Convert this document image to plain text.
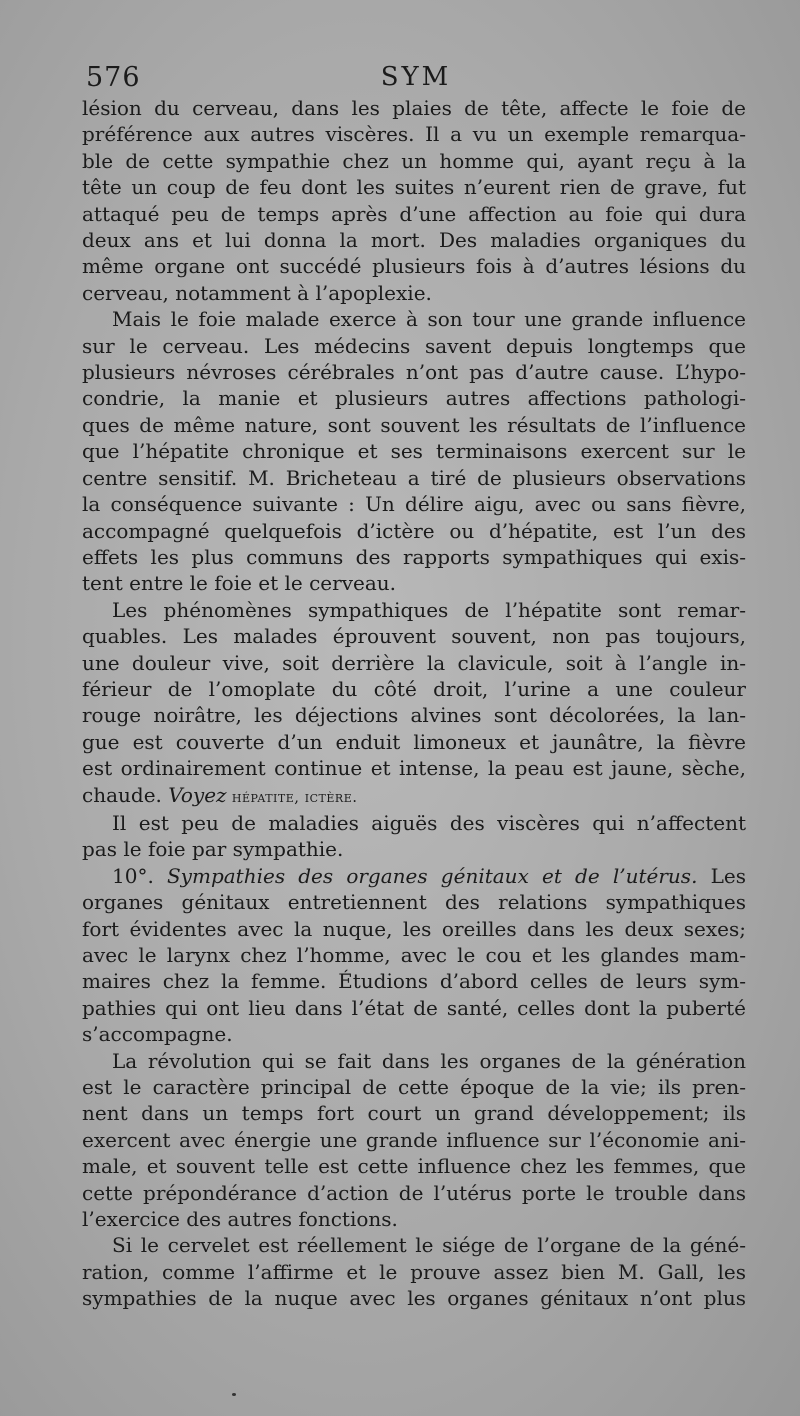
576	SYM
lésion du cerveau, dans les plaies de tête, affecte le foie de
préférence aux autres viscères. Il a vu un exemple remarqua-
ble de cette sympathie chez un homme qui, ayant reçu à la
tête un coup de feu dont les suites n’eurent rien de grave, fut
attaqué peu de temps après d’une affection au foie qui dura
deux ans et lui donna la mort. Des maladies organiques du
même organe ont succédé plusieurs fois à d’autres lésions du
cerveau, notamment à l’apoplexie.
Mais le foie malade exerce à son tour une grande influence
sur le cerveau. Les médecins savent depuis longtemps que
plusieurs névroses cérébrales n’ont pas d’autre cause. L’hypo-
condrie, la manie et plusieurs autres affections pathologi-
ques de même nature, sont souvent les résultats de l’influence
que l’hépatite chronique et ses terminaisons exercent sur le
centre sensitif. M. Bricheteau a tiré de plusieurs observations
la conséquence suivante : Un délire aigu, avec ou sans fièvre,
accompagné quelquefois d’ictère ou d’hépatite, est l’un des
effets les plus communs des rapports sympathiques qui exis-
tent entre le foie et le cerveau.
Les phénomènes sympathiques de l’hépatite sont remar-
quables. Les malades éprouvent souvent, non pas toujours,
une douleur vive, soit derrière la clavicule, soit à l’angle in-
férieur de l’omoplate du côté droit, l’urine a une couleur
rouge noirâtre, les déjections alvines sont décolorées, la lan-
gue est couverte d’un enduit limoneux et jaunâtre, la fièvre
est ordinairement continue et intense, la peau est jaune, sèche,
chaude. Voyez hépatite, ictère.
Il est peu de maladies aiguës des viscères qui n’affectent
pas le foie par sympathie.
10°. Sympathies des organes génitaux et de l’utérus. Les
organes génitaux entretiennent des relations sympathiques
fort évidentes avec la nuque, les oreilles dans les deux sexes;
avec le larynx chez l’homme, avec le cou et les glandes mam-
maires chez la femme. Étudions d’abord celles de leurs sym-
pathies qui ont lieu dans l’état de santé, celles dont la puberté
s’accompagne.
La révolution qui se fait dans les organes de la génération
est le caractère principal de cette époque de la vie; ils pren-
nent dans un temps fort court un grand développement; ils
exercent avec énergie une grande influence sur l’économie ani-
male, et souvent telle est cette influence chez les femmes, que
cette prépondérance d’action de l’utérus porte le trouble dans
l’exercice des autres fonctions.
Si le cervelet est réellement le siége de l’organe de la géné-
ration, comme l’affirme et le prouve assez bien M. Gall, les
sympathies de la nuque avec les organes génitaux n’ont plus
